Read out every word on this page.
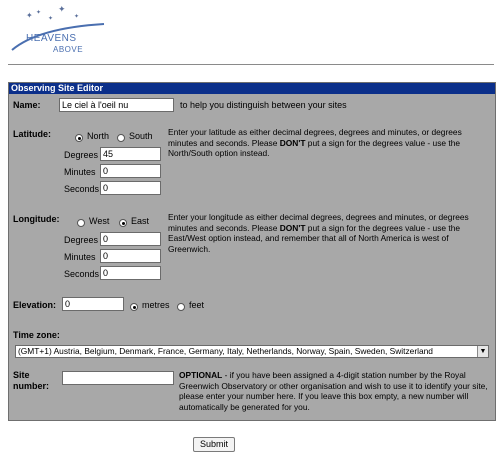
✦ ✦
✦
✦
✦
HEAVENS
ABOVE
Observing Site Editor
Name:
Le ciel à l'oeil nu	to help you distinguish between your sites
Latitude:	North South
Degrees
45
Minutes
0
Seconds
0
Enter your latitude as either decimal degrees, degrees and minutes, or degrees minutes and seconds. Please DON'T put a sign for the degrees value - use the North/South option instead.
Longitude:	West East
Degrees
0
Minutes
0
Seconds
0
Enter your longitude as either decimal degrees, degrees and minutes, or degrees minutes and seconds. Please DON'T put a sign for the degrees value - use the East/West option instead, and remember that all of North America is west of Greenwich.
Elevation:
0	metres feet
Time zone:
(GMT+1) Austria, Belgium, Denmark, France, Germany, Italy, Netherlands, Norway, Spain, Sweden, Switzerland	▼
Site
number:
OPTIONAL - if you have been assigned a 4-digit station number by the Royal Greenwich Observatory or other organisation and wish to use it to identify your site, please enter your number here. If you leave this box empty, a new number will automatically be generated for you.
Submit
